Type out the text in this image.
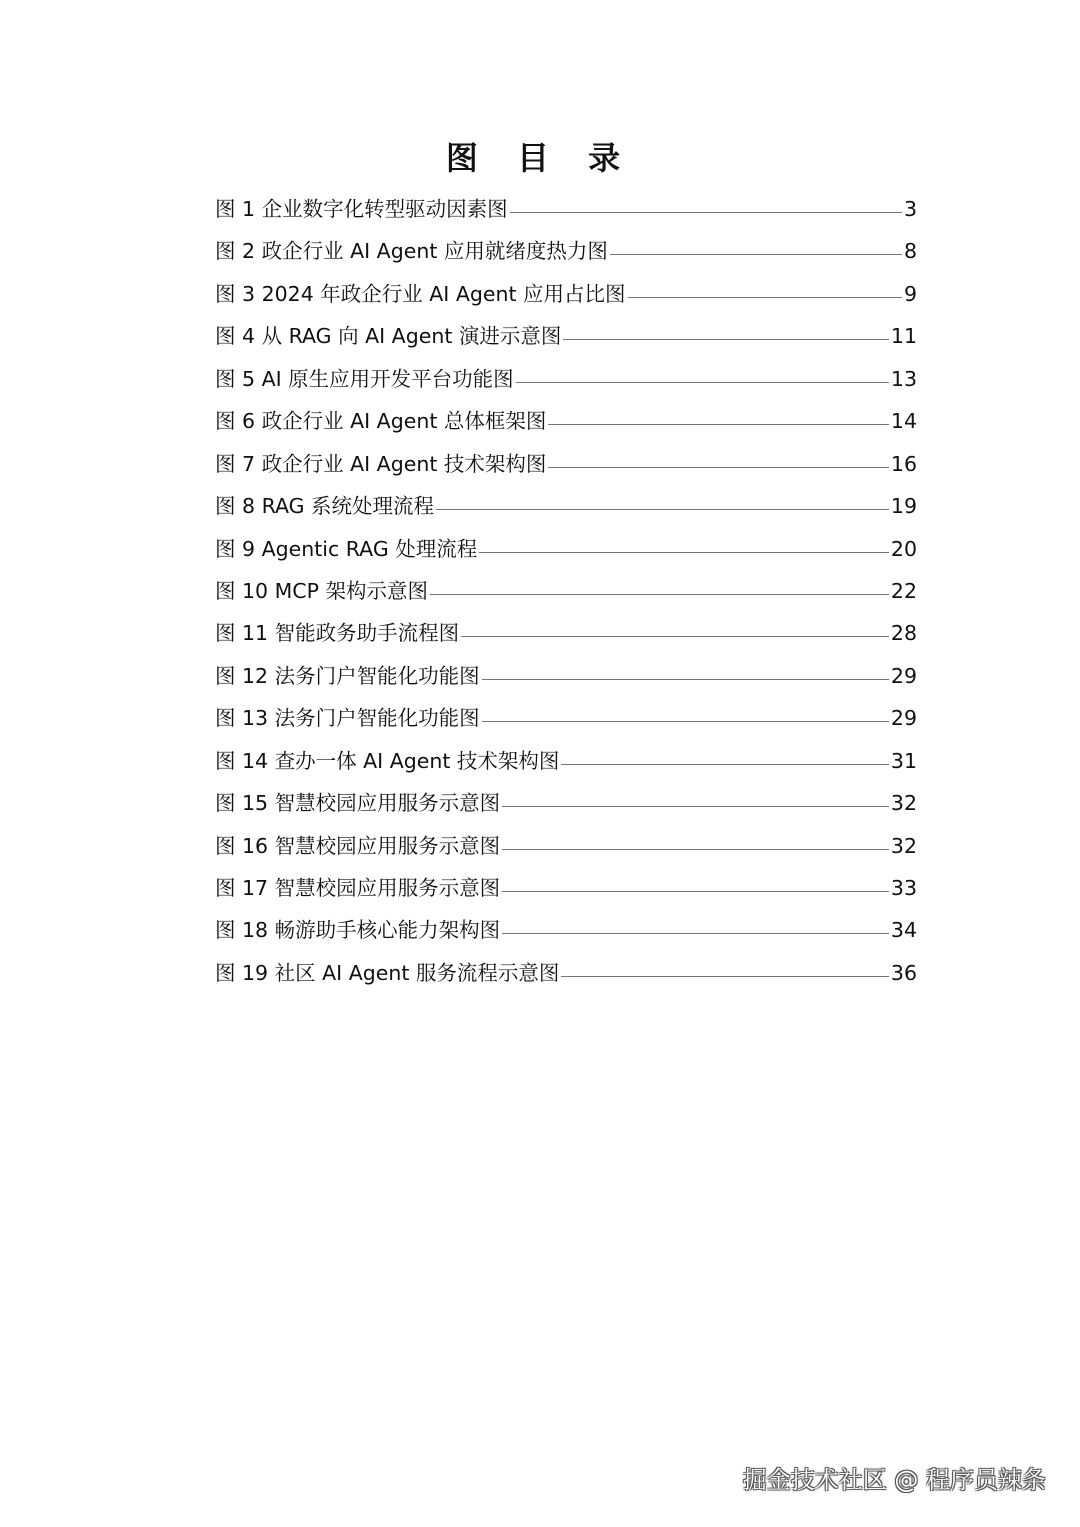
图 目 录
图 1 企业数字化转型驱动因素图	3
图 2 政企行业 AI Agent 应用就绪度热力图	8
图 3 2024 年政企行业 AI Agent 应用占比图	9
图 4 从 RAG 向 AI Agent 演进示意图	11
图 5 AI 原生应用开发平台功能图	13
图 6 政企行业 AI Agent 总体框架图	14
图 7 政企行业 AI Agent 技术架构图	16
图 8 RAG 系统处理流程	19
图 9 Agentic RAG 处理流程	20
图 10 MCP 架构示意图	22
图 11 智能政务助手流程图	28
图 12 法务门户智能化功能图	29
图 13 法务门户智能化功能图	29
图 14 查办一体 AI Agent 技术架构图	31
图 15 智慧校园应用服务示意图	32
图 16 智慧校园应用服务示意图	32
图 17 智慧校园应用服务示意图	33
图 18 畅游助手核心能力架构图	34
图 19 社区 AI Agent 服务流程示意图	36
掘金技术社区 @ 程序员辣条
